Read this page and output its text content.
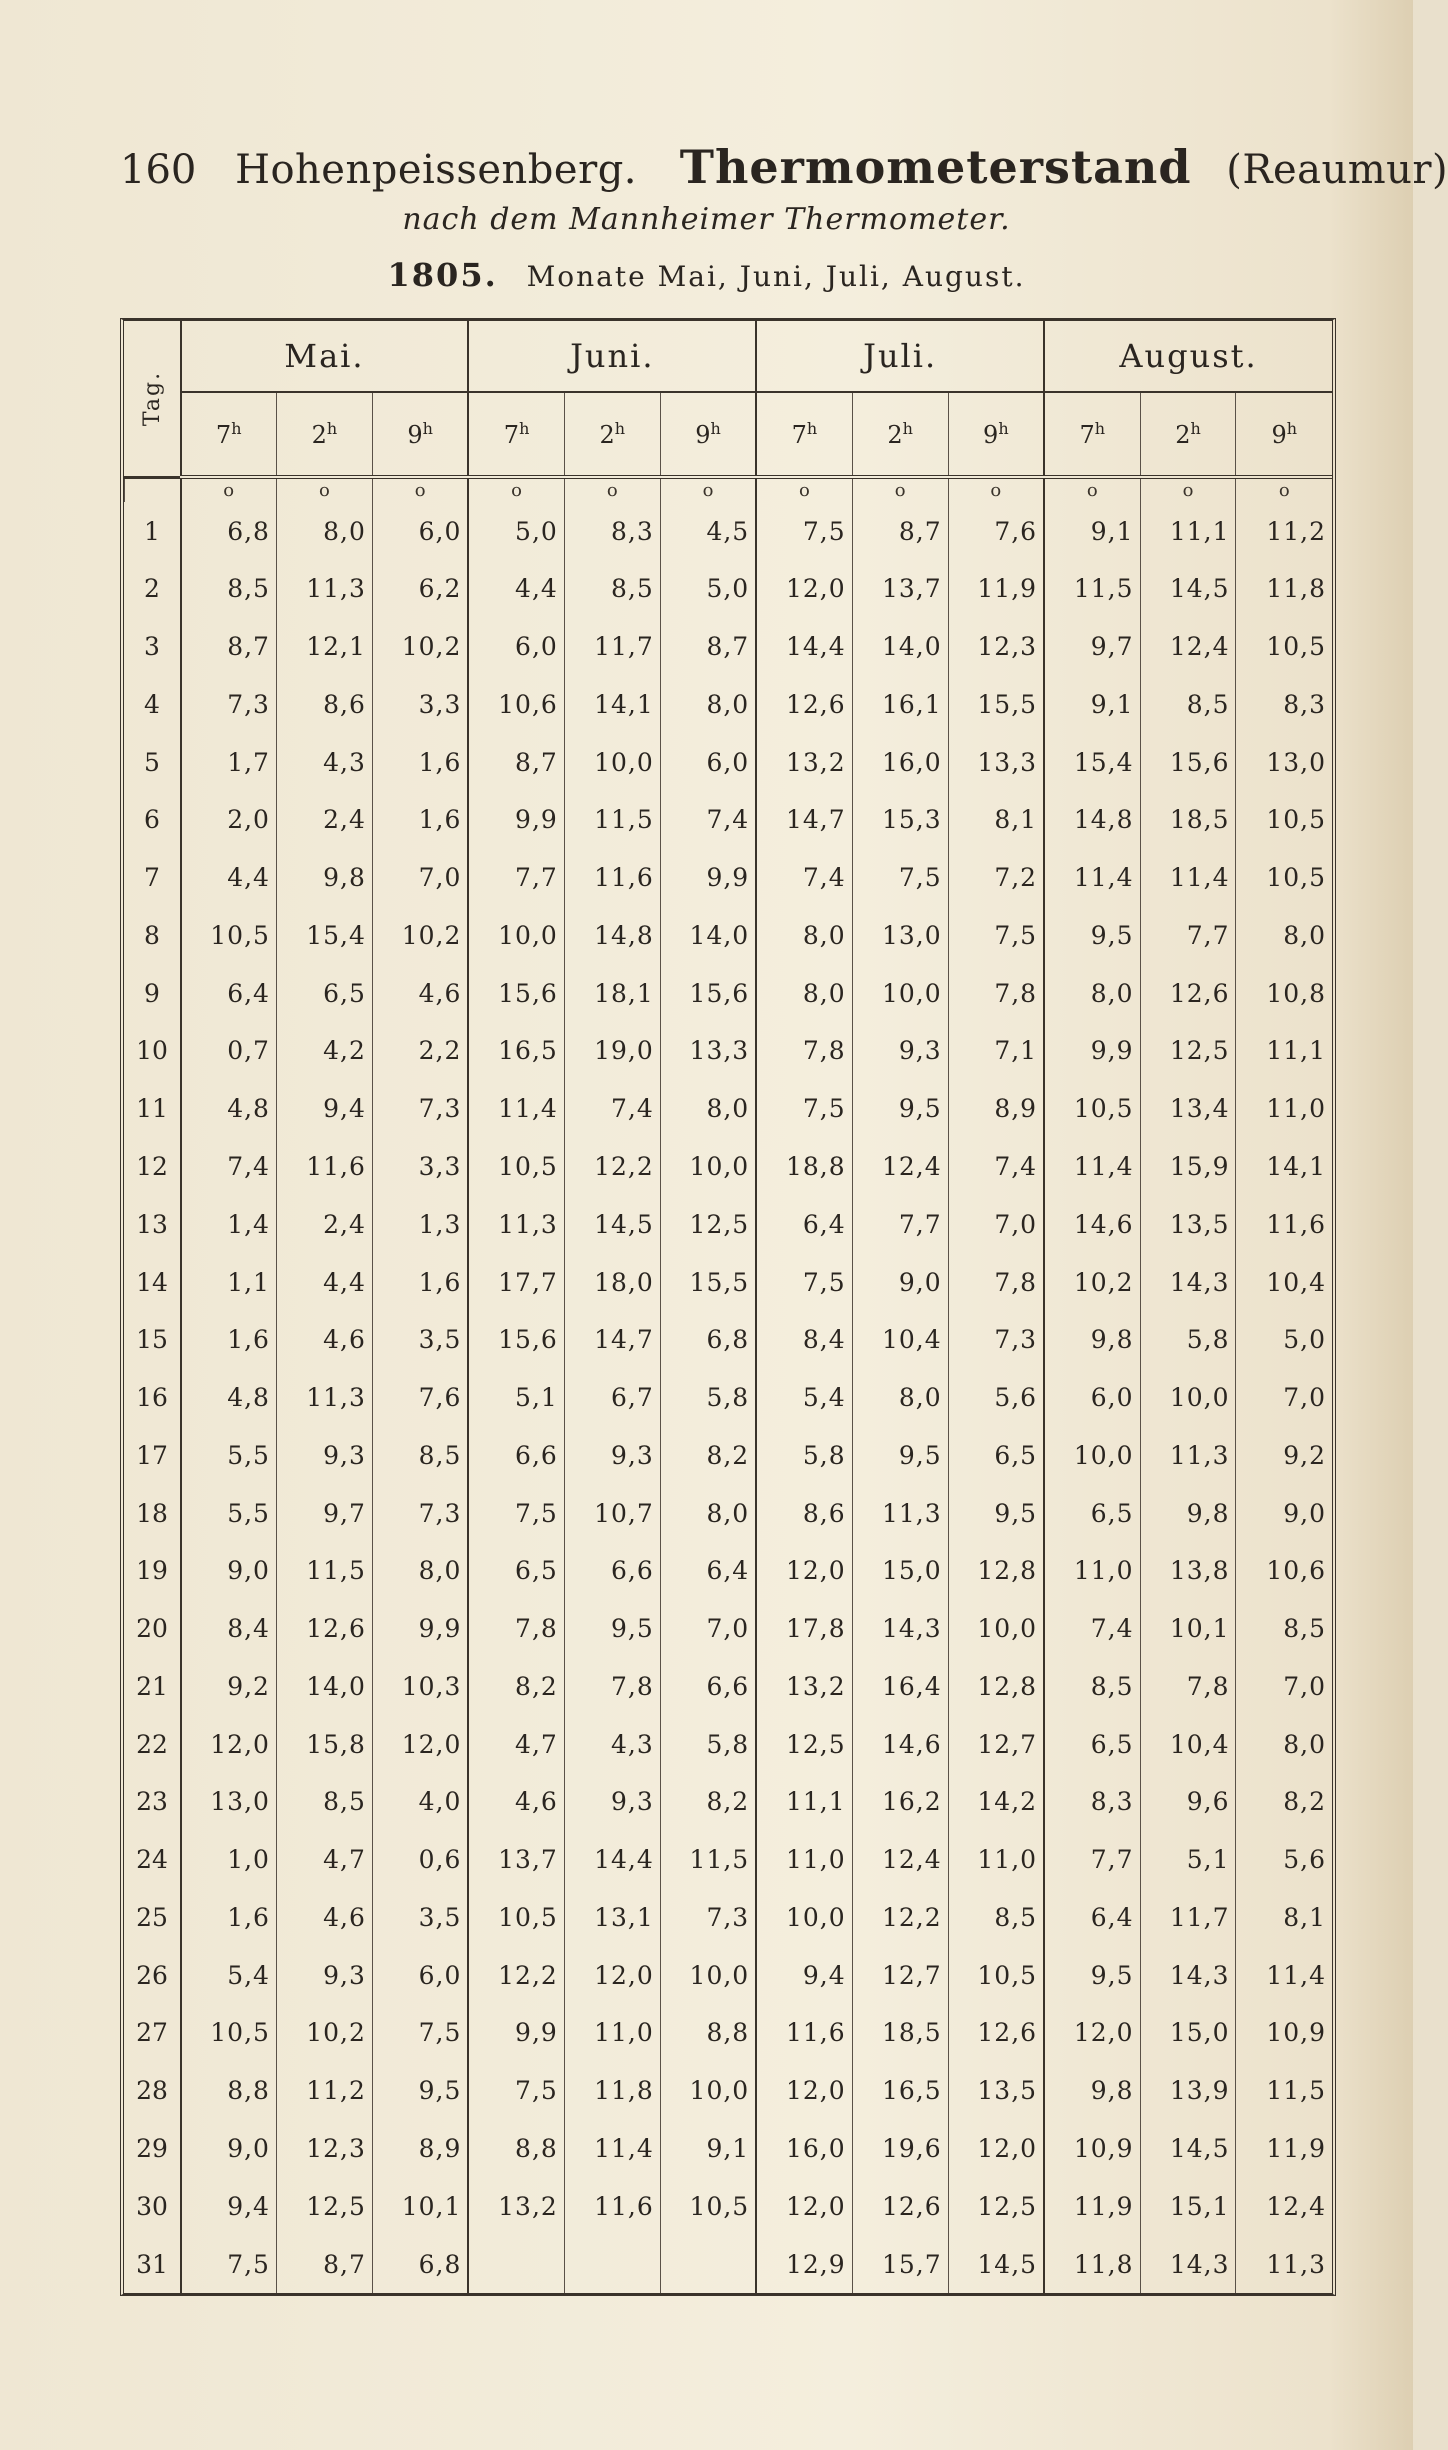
160 Hohenpeissenberg. Thermometerstand (Reaumur)
nach dem Mannheimer Thermometer.
1805. Monate Mai, Juni, Juli, August.
Tag.	Mai.			Juni.			Juli.			August.		
	7$^h$	2$^h$	9$^h$	7$^h$	2$^h$	9$^h$	7$^h$	2$^h$	9$^h$	7$^h$	2$^h$	9$^h$
	o	o	o	o	o	o	o	o	o	o	o	o
1	6,8	8,0	6,0	5,0	8,3	4,5	7,5	8,7	7,6	9,1	11,1	11,2
2	8,5	11,3	6,2	4,4	8,5	5,0	12,0	13,7	11,9	11,5	14,5	11,8
3	8,7	12,1	10,2	6,0	11,7	8,7	14,4	14,0	12,3	9,7	12,4	10,5
4	7,3	8,6	3,3	10,6	14,1	8,0	12,6	16,1	15,5	9,1	8,5	8,3
5	1,7	4,3	1,6	8,7	10,0	6,0	13,2	16,0	13,3	15,4	15,6	13,0
6	2,0	2,4	1,6	9,9	11,5	7,4	14,7	15,3	8,1	14,8	18,5	10,5
7	4,4	9,8	7,0	7,7	11,6	9,9	7,4	7,5	7,2	11,4	11,4	10,5
8	10,5	15,4	10,2	10,0	14,8	14,0	8,0	13,0	7,5	9,5	7,7	8,0
9	6,4	6,5	4,6	15,6	18,1	15,6	8,0	10,0	7,8	8,0	12,6	10,8
10	0,7	4,2	2,2	16,5	19,0	13,3	7,8	9,3	7,1	9,9	12,5	11,1
11	4,8	9,4	7,3	11,4	7,4	8,0	7,5	9,5	8,9	10,5	13,4	11,0
12	7,4	11,6	3,3	10,5	12,2	10,0	18,8	12,4	7,4	11,4	15,9	14,1
13	1,4	2,4	1,3	11,3	14,5	12,5	6,4	7,7	7,0	14,6	13,5	11,6
14	1,1	4,4	1,6	17,7	18,0	15,5	7,5	9,0	7,8	10,2	14,3	10,4
15	1,6	4,6	3,5	15,6	14,7	6,8	8,4	10,4	7,3	9,8	5,8	5,0
16	4,8	11,3	7,6	5,1	6,7	5,8	5,4	8,0	5,6	6,0	10,0	7,0
17	5,5	9,3	8,5	6,6	9,3	8,2	5,8	9,5	6,5	10,0	11,3	9,2
18	5,5	9,7	7,3	7,5	10,7	8,0	8,6	11,3	9,5	6,5	9,8	9,0
19	9,0	11,5	8,0	6,5	6,6	6,4	12,0	15,0	12,8	11,0	13,8	10,6
20	8,4	12,6	9,9	7,8	9,5	7,0	17,8	14,3	10,0	7,4	10,1	8,5
21	9,2	14,0	10,3	8,2	7,8	6,6	13,2	16,4	12,8	8,5	7,8	7,0
22	12,0	15,8	12,0	4,7	4,3	5,8	12,5	14,6	12,7	6,5	10,4	8,0
23	13,0	8,5	4,0	4,6	9,3	8,2	11,1	16,2	14,2	8,3	9,6	8,2
24	1,0	4,7	0,6	13,7	14,4	11,5	11,0	12,4	11,0	7,7	5,1	5,6
25	1,6	4,6	3,5	10,5	13,1	7,3	10,0	12,2	8,5	6,4	11,7	8,1
26	5,4	9,3	6,0	12,2	12,0	10,0	9,4	12,7	10,5	9,5	14,3	11,4
27	10,5	10,2	7,5	9,9	11,0	8,8	11,6	18,5	12,6	12,0	15,0	10,9
28	8,8	11,2	9,5	7,5	11,8	10,0	12,0	16,5	13,5	9,8	13,9	11,5
29	9,0	12,3	8,9	8,8	11,4	9,1	16,0	19,6	12,0	10,9	14,5	11,9
30	9,4	12,5	10,1	13,2	11,6	10,5	12,0	12,6	12,5	11,9	15,1	12,4
31	7,5	8,7	6,8				12,9	15,7	14,5	11,8	14,3	11,3
